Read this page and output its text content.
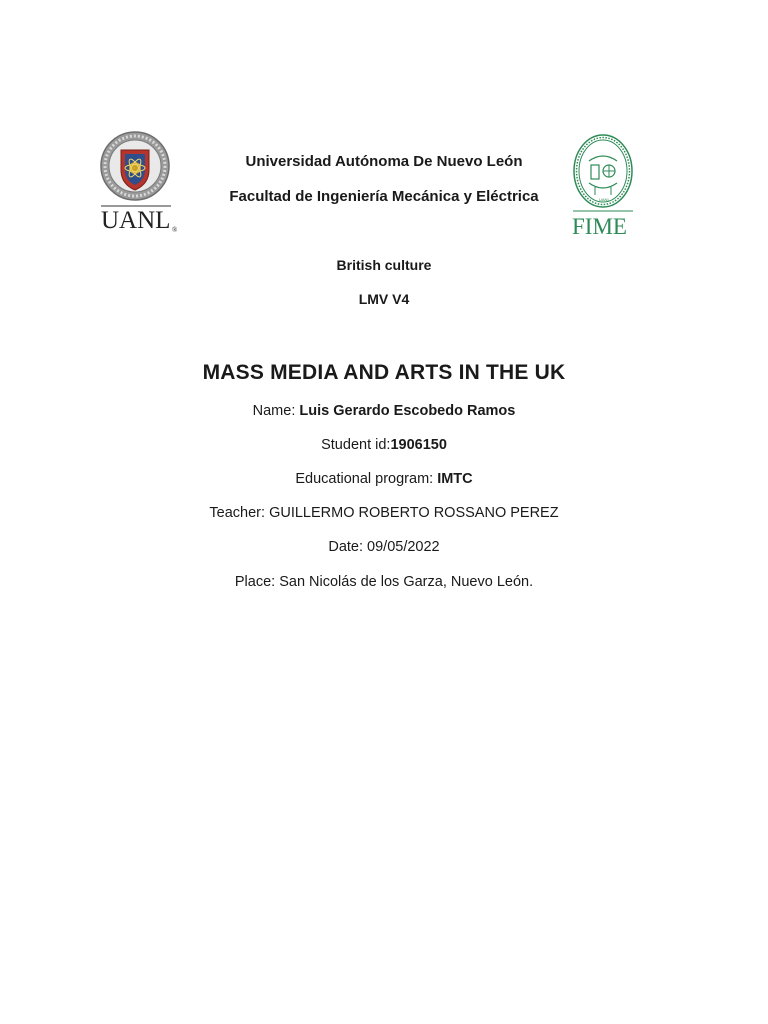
UANL ®
UANL
FIME
Universidad Autónoma De Nuevo León
Facultad de Ingeniería Mecánica y Eléctrica
British culture
LMV V4
MASS MEDIA AND ARTS IN THE UK
Name: Luis Gerardo Escobedo Ramos
Student id:1906150
Educational program: IMTC
Teacher: GUILLERMO ROBERTO ROSSANO PEREZ
Date: 09/05/2022
Place: San Nicolás de los Garza, Nuevo León.
